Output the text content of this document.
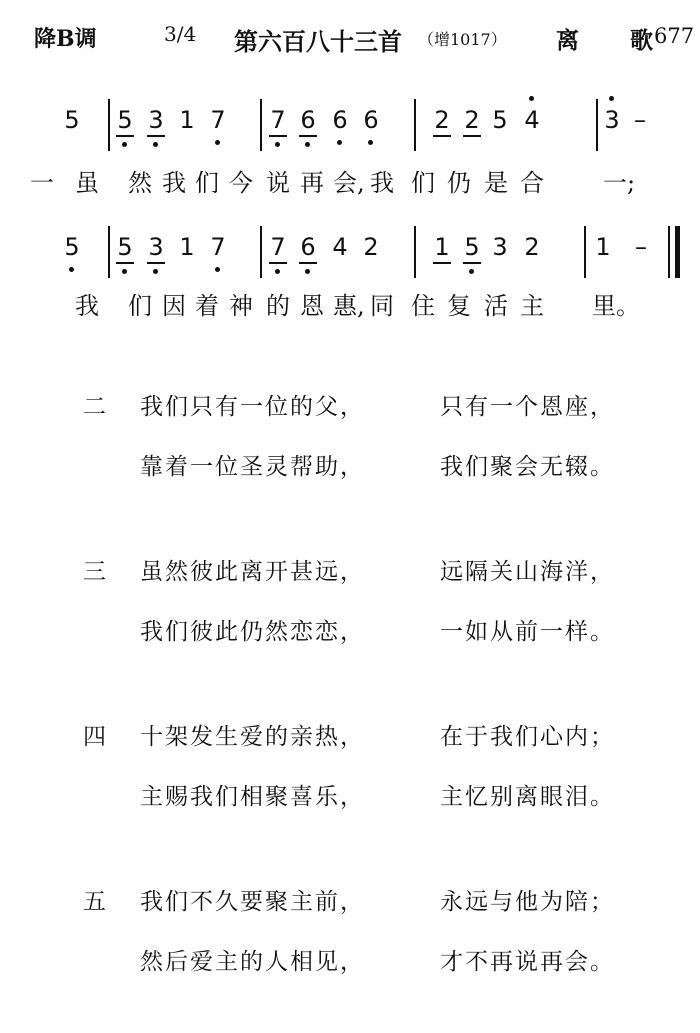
降B调	3/4 第六百八十三首 （增1017） 离 歌 677
5 5 3 1 7 7 6 6 6 2 2 5 4	3 –
一 虽 然 我 们 今 说 再 会, 我 们 仍 是 合 一;
5 5 3 1 7 7 6 4 2 1 5 3 2 1 –
我 们 因 着 神 的 恩 惠, 同 住 复 活 主 里。
二 我们只有一位的父，	只有一个恩座，
靠着一位圣灵帮助，	我们聚会无辍。
三 虽然彼此离开甚远，	远隔关山海洋，
我们彼此仍然恋恋，	一如从前一样。
四 十架发生爱的亲热，	在于我们心内；
主赐我们相聚喜乐，	主忆别离眼泪。
五 我们不久要聚主前，	永远与他为陪；
然后爱主的人相见，	才不再说再会。
